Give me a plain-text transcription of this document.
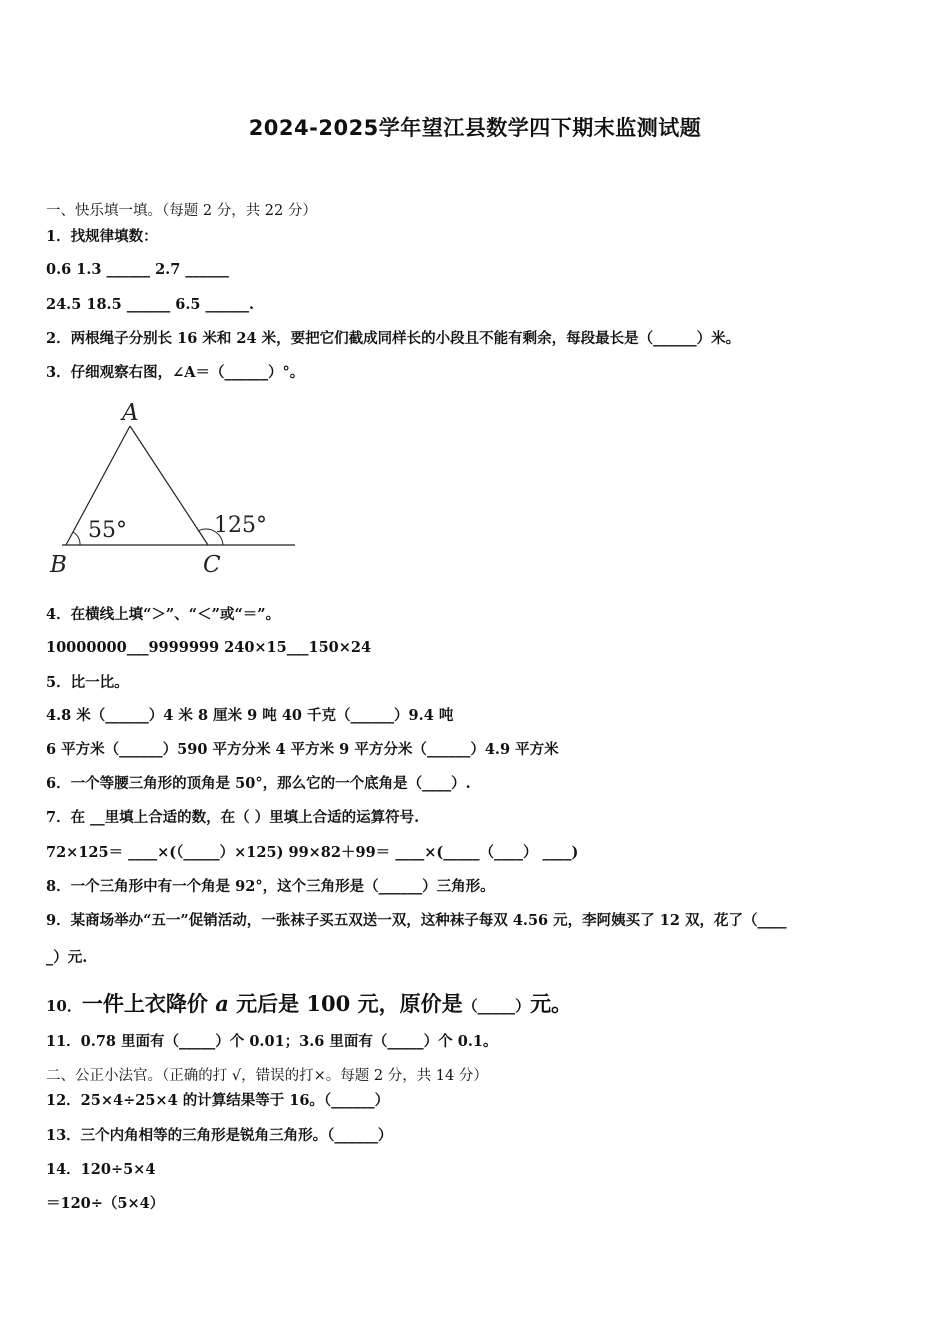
2024-2025学年望江县数学四下期末监测试题
一、快乐填一填。（每题 2 分，共 22 分）
1．找规律填数：
0.6 1.3 ______ 2.7 ______
24.5 18.5 ______ 6.5 ______.
2．两根绳子分别长 16 米和 24 米，要把它们截成同样长的小段且不能有剩余，每段最长是（______）米。
3．仔细观察右图，∠A＝（______）°。
A
B	C
55°	125°
4．在横线上填“＞”、“＜”或“＝”。
10000000___9999999 240×15___150×24
5．比一比。
4.8 米（______）4 米 8 厘米 9 吨 40 千克（______）9.4 吨
6 平方米（______）590 平方分米 4 平方米 9 平方分米（______）4.9 平方米
6．一个等腰三角形的顶角是 50°，那么它的一个底角是（____）.
7．在 __里填上合适的数，在（ ）里填上合适的运算符号.
72×125＝ ____×(（_____）×125) 99×82＋99＝ ____×(_____（____） ____)
8．一个三角形中有一个角是 92°，这个三角形是（______）三角形。
9．某商场举办“五一”促销活动，一张袜子买五双送一双，这种袜子每双 4.56 元，李阿姨买了 12 双，花了（____
_）元.
10．一件上衣降价 a 元后是 100 元，原价是（_____）元。
11．0.78 里面有（_____）个 0.01；3.6 里面有（_____）个 0.1。
二、公正小法官。（正确的打 √，错误的打×。每题 2 分，共 14 分）
12．25×4÷25×4 的计算结果等于 16。（______）
13．三个内角相等的三角形是锐角三角形。（______）
14．120÷5×4
＝120÷（5×4）
